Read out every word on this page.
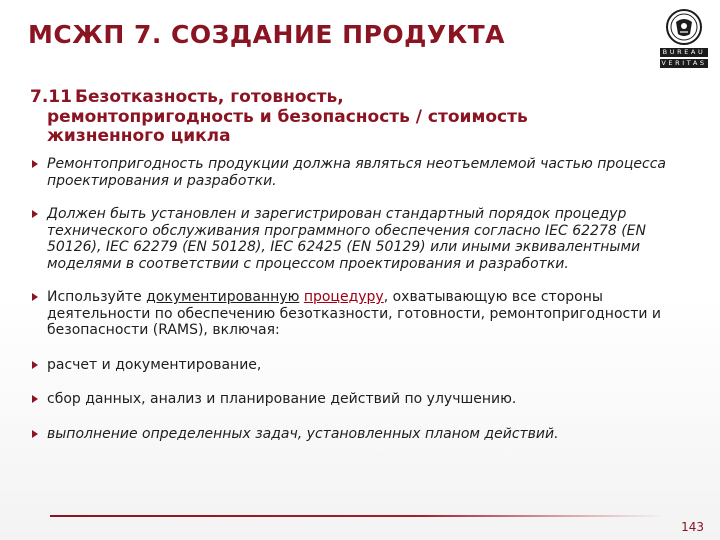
МСЖП 7. СОЗДАНИЕ ПРОДУКТА
BUREAU
VERITAS
7.11 Безотказность, готовность,
ремонтопригодность и безопасность / стоимость
жизненного цикла
Ремонтопригодность продукции должна являться неотъемлемой частью процесса проектирования и разработки.
Должен быть установлен и зарегистрирован стандартный порядок процедур технического обслуживания программного обеспечения согласно IEC 62278 (EN 50126), IEC 62279 (EN 50128), IEC 62425 (EN 50129) или иными эквивалентными моделями в соответствии с процессом проектирования и разработки.
Используйте документированную процедуру, охватывающую все стороны деятельности по обеспечению безотказности, готовности, ремонтопригодности и безопасности (RAMS), включая:
расчет и документирование,
сбор данных, анализ и планирование действий по улучшению.
выполнение определенных задач, установленных планом действий.
143
